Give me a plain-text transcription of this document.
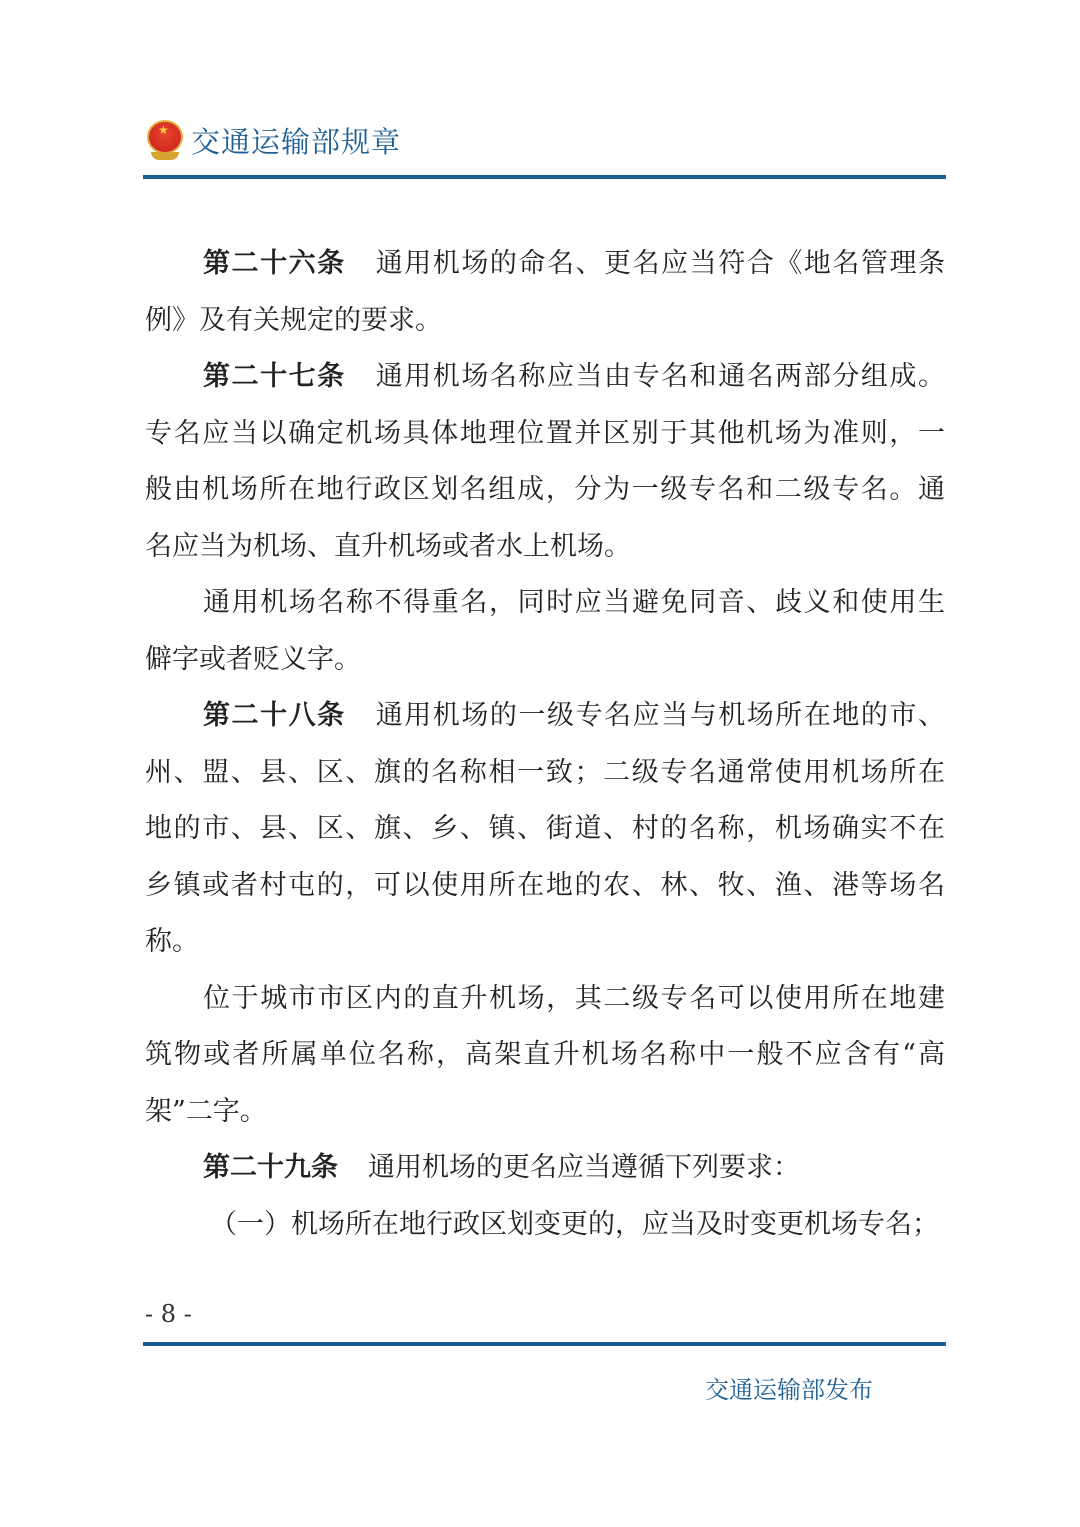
★ 交通运输部规章
第二十六条 通用机场的命名、更名应当符合《地名管理条
例》及有关规定的要求。
第二十七条 通用机场名称应当由专名和通名两部分组成。
专名应当以确定机场具体地理位置并区别于其他机场为准则，一
般由机场所在地行政区划名组成，分为一级专名和二级专名。通
名应当为机场、直升机场或者水上机场。
通用机场名称不得重名，同时应当避免同音、歧义和使用生
僻字或者贬义字。
第二十八条 通用机场的一级专名应当与机场所在地的市、
州、盟、县、区、旗的名称相一致；二级专名通常使用机场所在
地的市、县、区、旗、乡、镇、街道、村的名称，机场确实不在
乡镇或者村屯的，可以使用所在地的农、林、牧、渔、港等场名
称。
位于城市市区内的直升机场，其二级专名可以使用所在地建
筑物或者所属单位名称，高架直升机场名称中一般不应含有“高
架”二字。
第二十九条 通用机场的更名应当遵循下列要求：
（一）机场所在地行政区划变更的，应当及时变更机场专名；
- 8 -
交通运输部发布
